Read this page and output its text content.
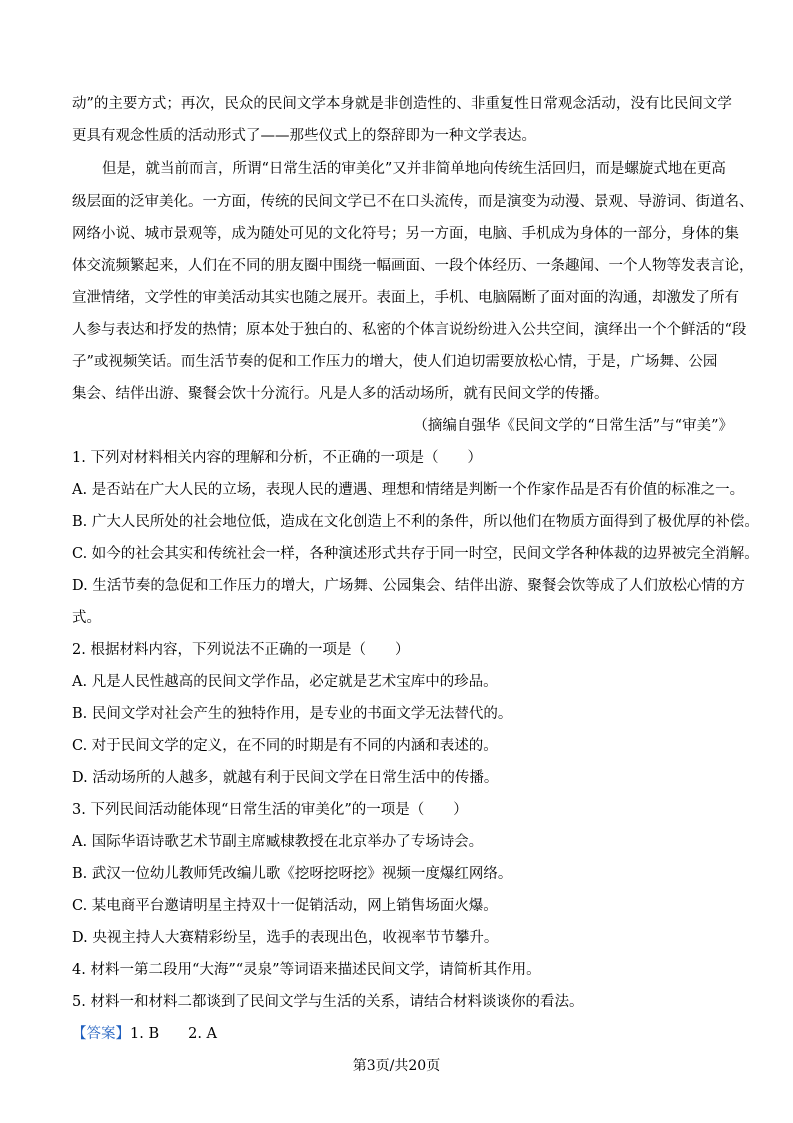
动”的主要方式；再次，民众的民间文学本身就是非创造性的、非重复性日常观念活动，没有比民间文学
更具有观念性质的活动形式了——那些仪式上的祭辞即为一种文学表达。
但是，就当前而言，所谓“日常生活的审美化”又并非简单地向传统生活回归，而是螺旋式地在更高
级层面的泛审美化。一方面，传统的民间文学已不在口头流传，而是演变为动漫、景观、导游词、街道名、
网络小说、城市景观等，成为随处可见的文化符号；另一方面，电脑、手机成为身体的一部分，身体的集
体交流频繁起来，人们在不同的朋友圈中围绕一幅画面、一段个体经历、一条趣闻、一个人物等发表言论，
宣泄情绪，文学性的审美活动其实也随之展开。表面上，手机、电脑隔断了面对面的沟通，却激发了所有
人参与表达和抒发的热情；原本处于独白的、私密的个体言说纷纷进入公共空间，演绎出一个个鲜活的“段
子”或视频笑话。而生活节奏的促和工作压力的增大，使人们迫切需要放松心情，于是，广场舞、公园
集会、结伴出游、聚餐会饮十分流行。凡是人多的活动场所，就有民间文学的传播。
（摘编自强华《民间文学的“日常生活”与“审美”》
1. 下列对材料相关内容的理解和分析，不正确的一项是（　　）
A. 是否站在广大人民的立场，表现人民的遭遇、理想和情绪是判断一个作家作品是否有价值的标准之一。
B. 广大人民所处的社会地位低，造成在文化创造上不利的条件，所以他们在物质方面得到了极优厚的补偿。
C. 如今的社会其实和传统社会一样，各种演述形式共存于同一时空，民间文学各种体裁的边界被完全消解。
D. 生活节奏的急促和工作压力的增大，广场舞、公园集会、结伴出游、聚餐会饮等成了人们放松心情的方
式。
2. 根据材料内容，下列说法不正确的一项是（　　）
A. 凡是人民性越高的民间文学作品，必定就是艺术宝库中的珍品。
B. 民间文学对社会产生的独特作用，是专业的书面文学无法替代的。
C. 对于民间文学的定义，在不同的时期是有不同的内涵和表述的。
D. 活动场所的人越多，就越有利于民间文学在日常生活中的传播。
3. 下列民间活动能体现“日常生活的审美化”的一项是（　　）
A. 国际华语诗歌艺术节副主席臧棣教授在北京举办了专场诗会。
B. 武汉一位幼儿教师凭改编儿歌《挖呀挖呀挖》视频一度爆红网络。
C. 某电商平台邀请明星主持双十一促销活动，网上销售场面火爆。
D. 央视主持人大赛精彩纷呈，选手的表现出色，收视率节节攀升。
4. 材料一第二段用“大海”“灵泉”等词语来描述民间文学，请简析其作用。
5. 材料一和材料二都谈到了民间文学与生活的关系，请结合材料谈谈你的看法。
【答案】1. B　　2. A
第3页/共20页
